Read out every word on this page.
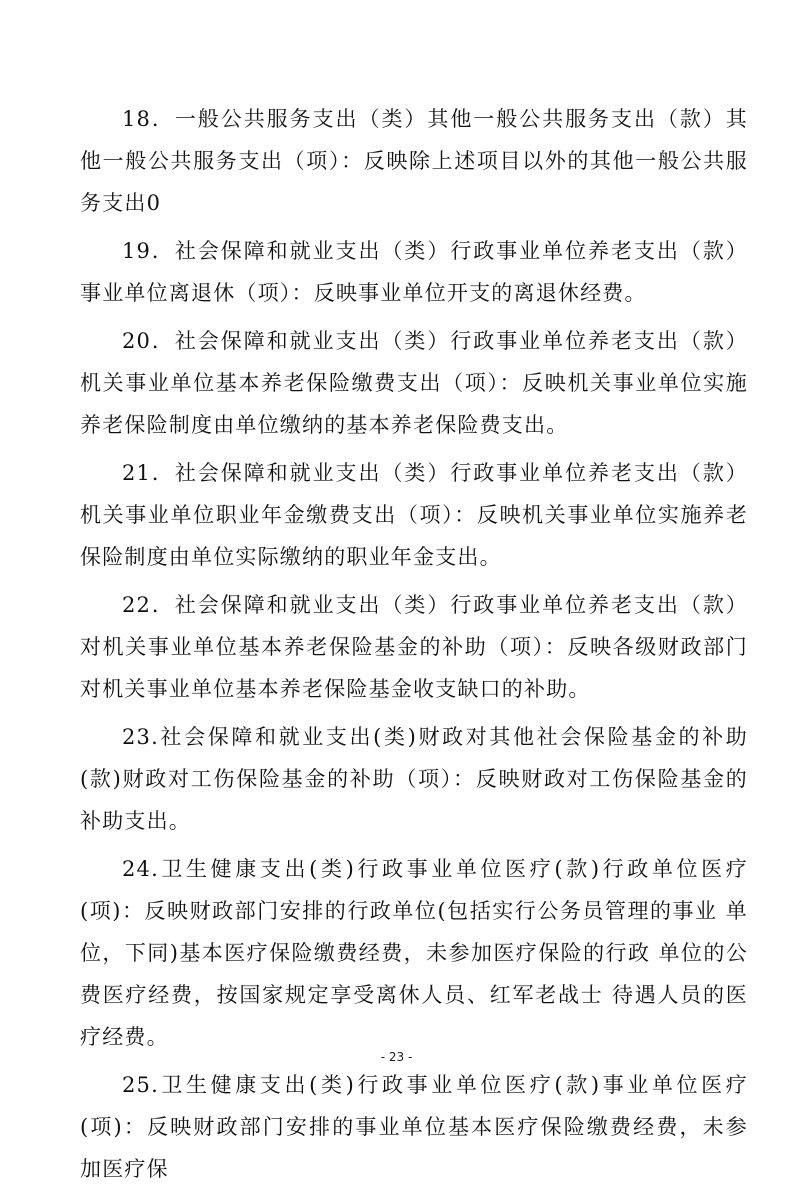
18．一般公共服务支出（类）其他一般公共服务支出（款）其他一般公共服务支出（项）：反映除上述项目以外的其他一般公共服务支出0

19．社会保障和就业支出（类）行政事业单位养老支出（款）事业单位离退休（项）：反映事业单位开支的离退休经费。

20．社会保障和就业支出（类）行政事业单位养老支出（款）机关事业单位基本养老保险缴费支出（项）：反映机关事业单位实施养老保险制度由单位缴纳的基本养老保险费支出。

21．社会保障和就业支出（类）行政事业单位养老支出（款）机关事业单位职业年金缴费支出（项）：反映机关事业单位实施养老保险制度由单位实际缴纳的职业年金支出。

22．社会保障和就业支出（类）行政事业单位养老支出（款）对机关事业单位基本养老保险基金的补助（项）：反映各级财政部门对机关事业单位基本养老保险基金收支缺口的补助。

23.社会保障和就业支出(类)财政对其他社会保险基金的补助(款)财政对工伤保险基金的补助（项）：反映财政对工伤保险基金的补助支出。

24.卫生健康支出(类)行政事业单位医疗(款)行政单位医疗(项)：反映财政部门安排的行政单位(包括实行公务员管理的事业 单位，下同)基本医疗保险缴费经费，未参加医疗保险的行政 单位的公费医疗经费，按国家规定享受离休人员、红军老战士 待遇人员的医疗经费。

25.卫生健康支出(类)行政事业单位医疗(款)事业单位医疗(项)：反映财政部门安排的事业单位基本医疗保险缴费经费，未参 加医疗保

- 23 -
